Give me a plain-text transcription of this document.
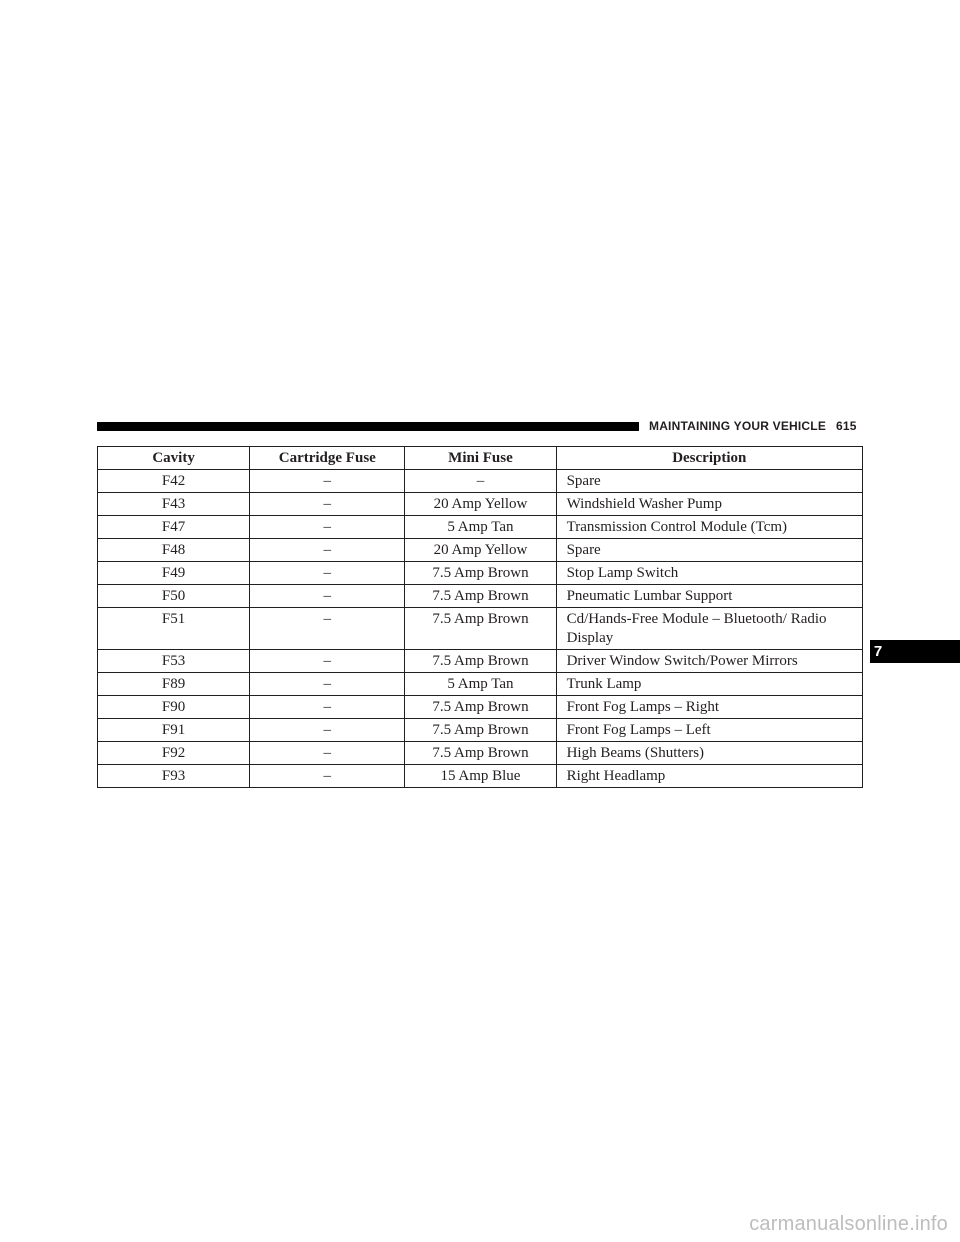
MAINTAINING YOUR VEHICLE 615
Cavity	Cartridge Fuse	Mini Fuse	Description
F42	–	–	Spare
F43	–	20 Amp Yellow	Windshield Washer Pump
F47	–	5 Amp Tan	Transmission Control Module (Tcm)
F48	–	20 Amp Yellow	Spare
F49	–	7.5 Amp Brown	Stop Lamp Switch
F50	–	7.5 Amp Brown	Pneumatic Lumbar Support
F51	–	7.5 Amp Brown	Cd/Hands-Free Module – Bluetooth/ Radio Display
F53	–	7.5 Amp Brown	Driver Window Switch/Power Mirrors
F89	–	5 Amp Tan	Trunk Lamp
F90	–	7.5 Amp Brown	Front Fog Lamps – Right
F91	–	7.5 Amp Brown	Front Fog Lamps – Left
F92	–	7.5 Amp Brown	High Beams (Shutters)
F93	–	15 Amp Blue	Right Headlamp
7
carmanualsonline.info
